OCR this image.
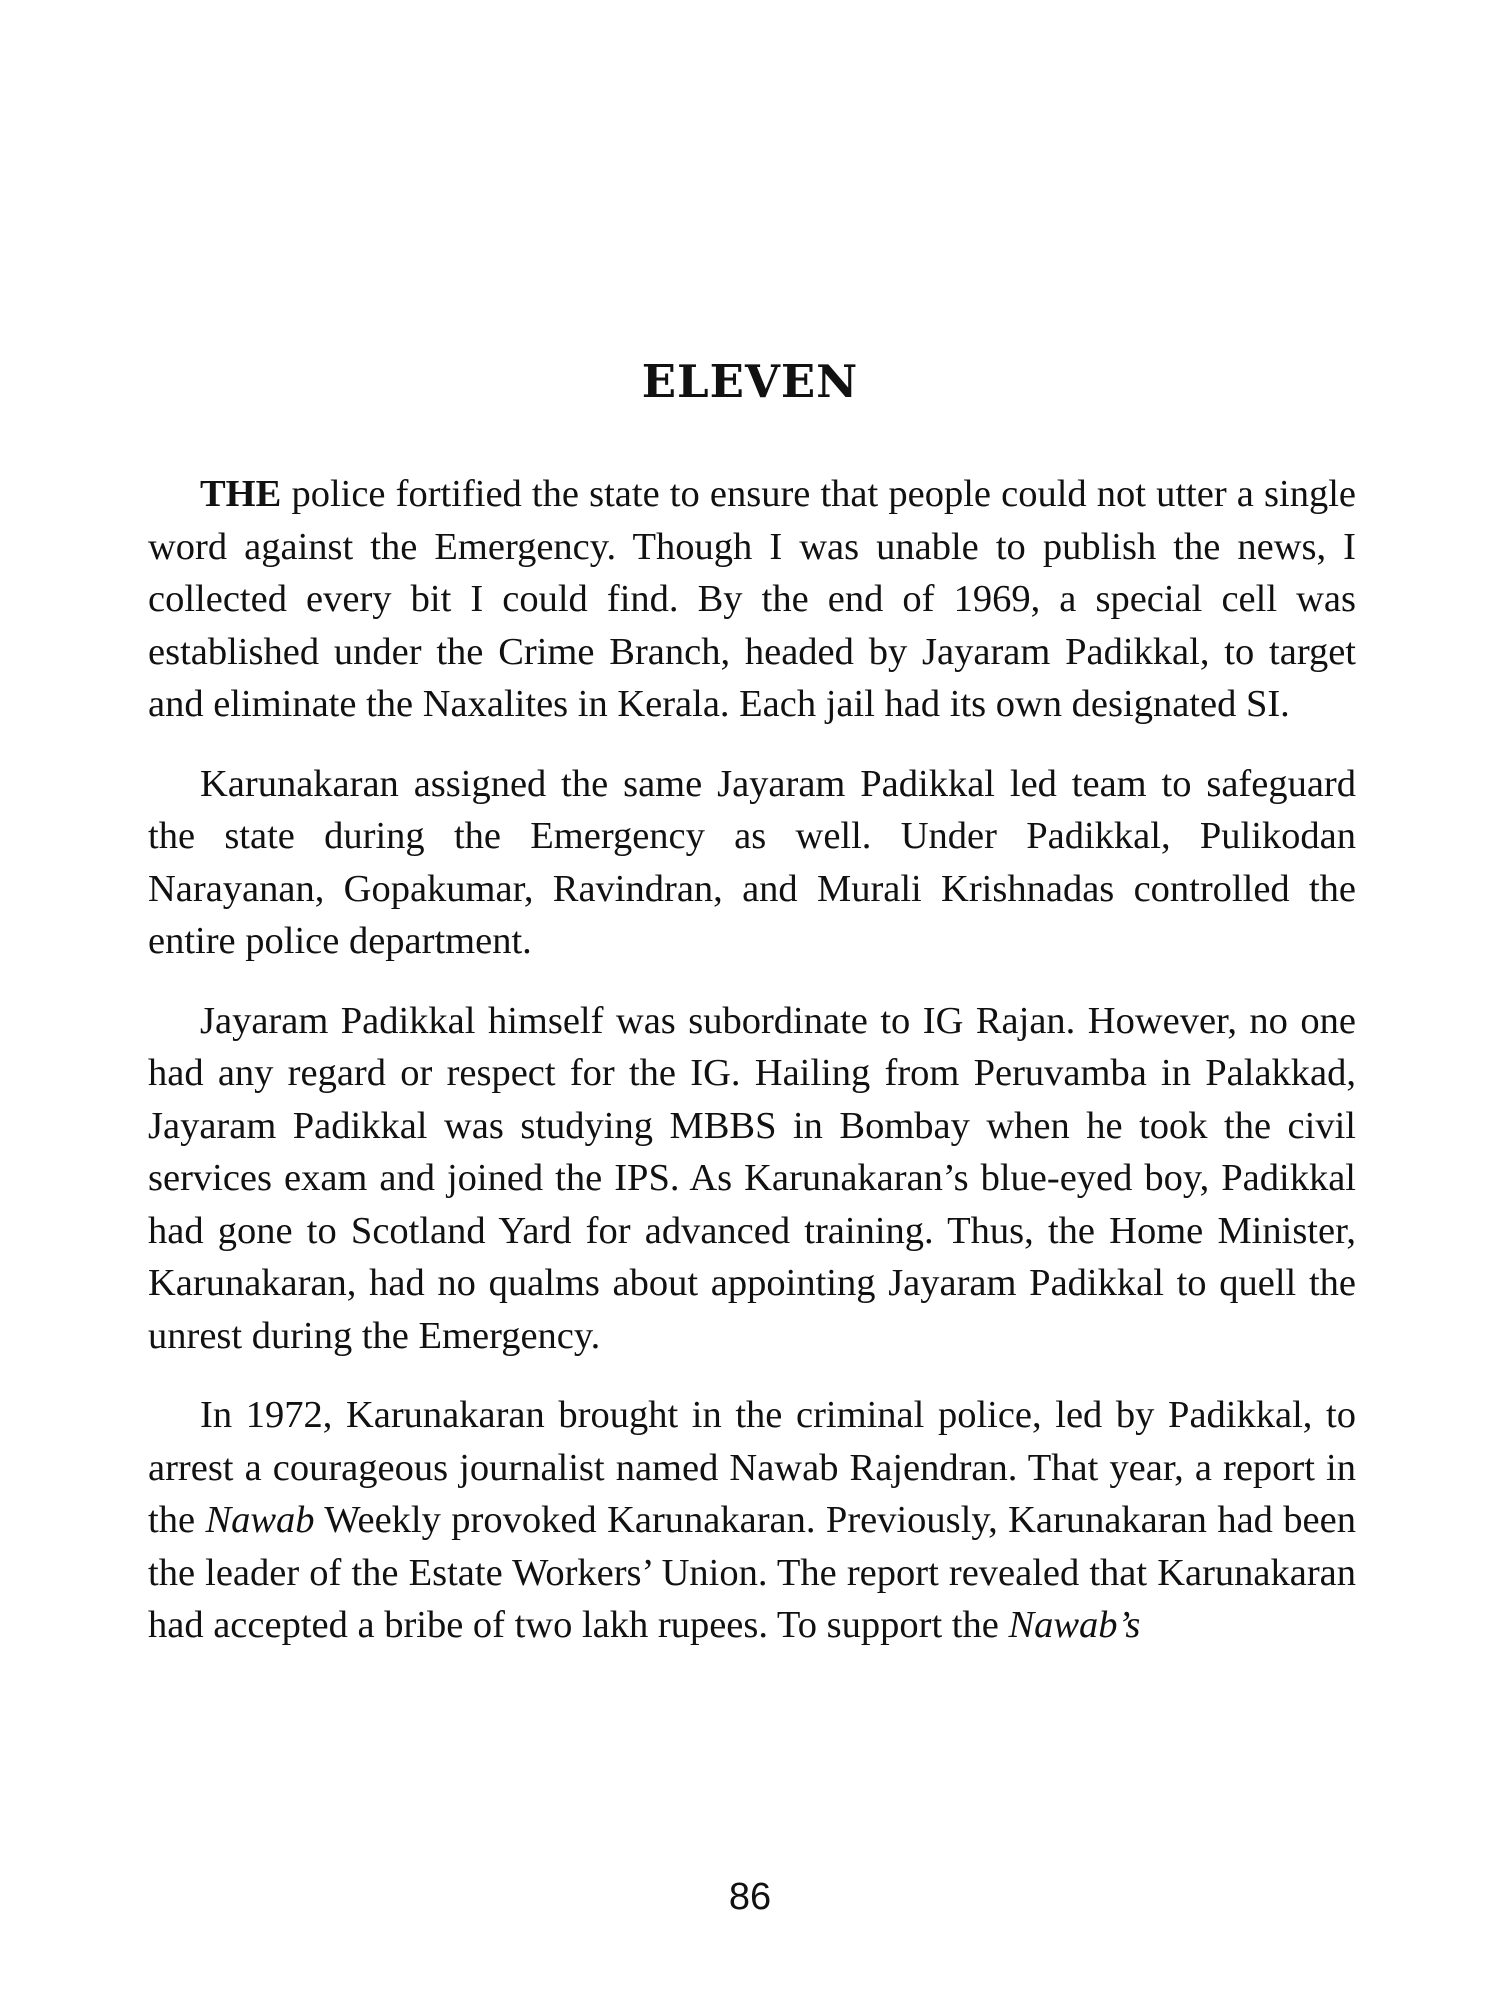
ELEVEN

THE police fortified the state to ensure that people could not utter a single word against the Emergency. Though I was unable to publish the news, I collected every bit I could find. By the end of 1969, a special cell was established under the Crime Branch, headed by Jayaram Padikkal, to target and eliminate the Naxalites in Kerala. Each jail had its own designated SI.

Karunakaran assigned the same Jayaram Padikkal led team to safeguard the state during the Emergency as well. Under Padikkal, Pulikodan Narayanan, Gopakumar, Ravindran, and Murali Krishnadas controlled the entire police department.

Jayaram Padikkal himself was subordinate to IG Rajan. However, no one had any regard or respect for the IG. Hailing from Peruvamba in Palakkad, Jayaram Padikkal was studying MBBS in Bombay when he took the civil services exam and joined the IPS. As Karunakaran’s blue-eyed boy, Padikkal had gone to Scotland Yard for advanced training. Thus, the Home Minister, Karunakaran, had no qualms about appointing Jayaram Padikkal to quell the unrest during the Emergency.

In 1972, Karunakaran brought in the criminal police, led by Padikkal, to arrest a courageous journalist named Nawab Rajendran. That year, a report in the Nawab Weekly provoked Karunakaran. Previously, Karunakaran had been the leader of the Estate Workers’ Union. The report revealed that Karunakaran had accepted a bribe of two lakh rupees. To support the Nawab’s

86
